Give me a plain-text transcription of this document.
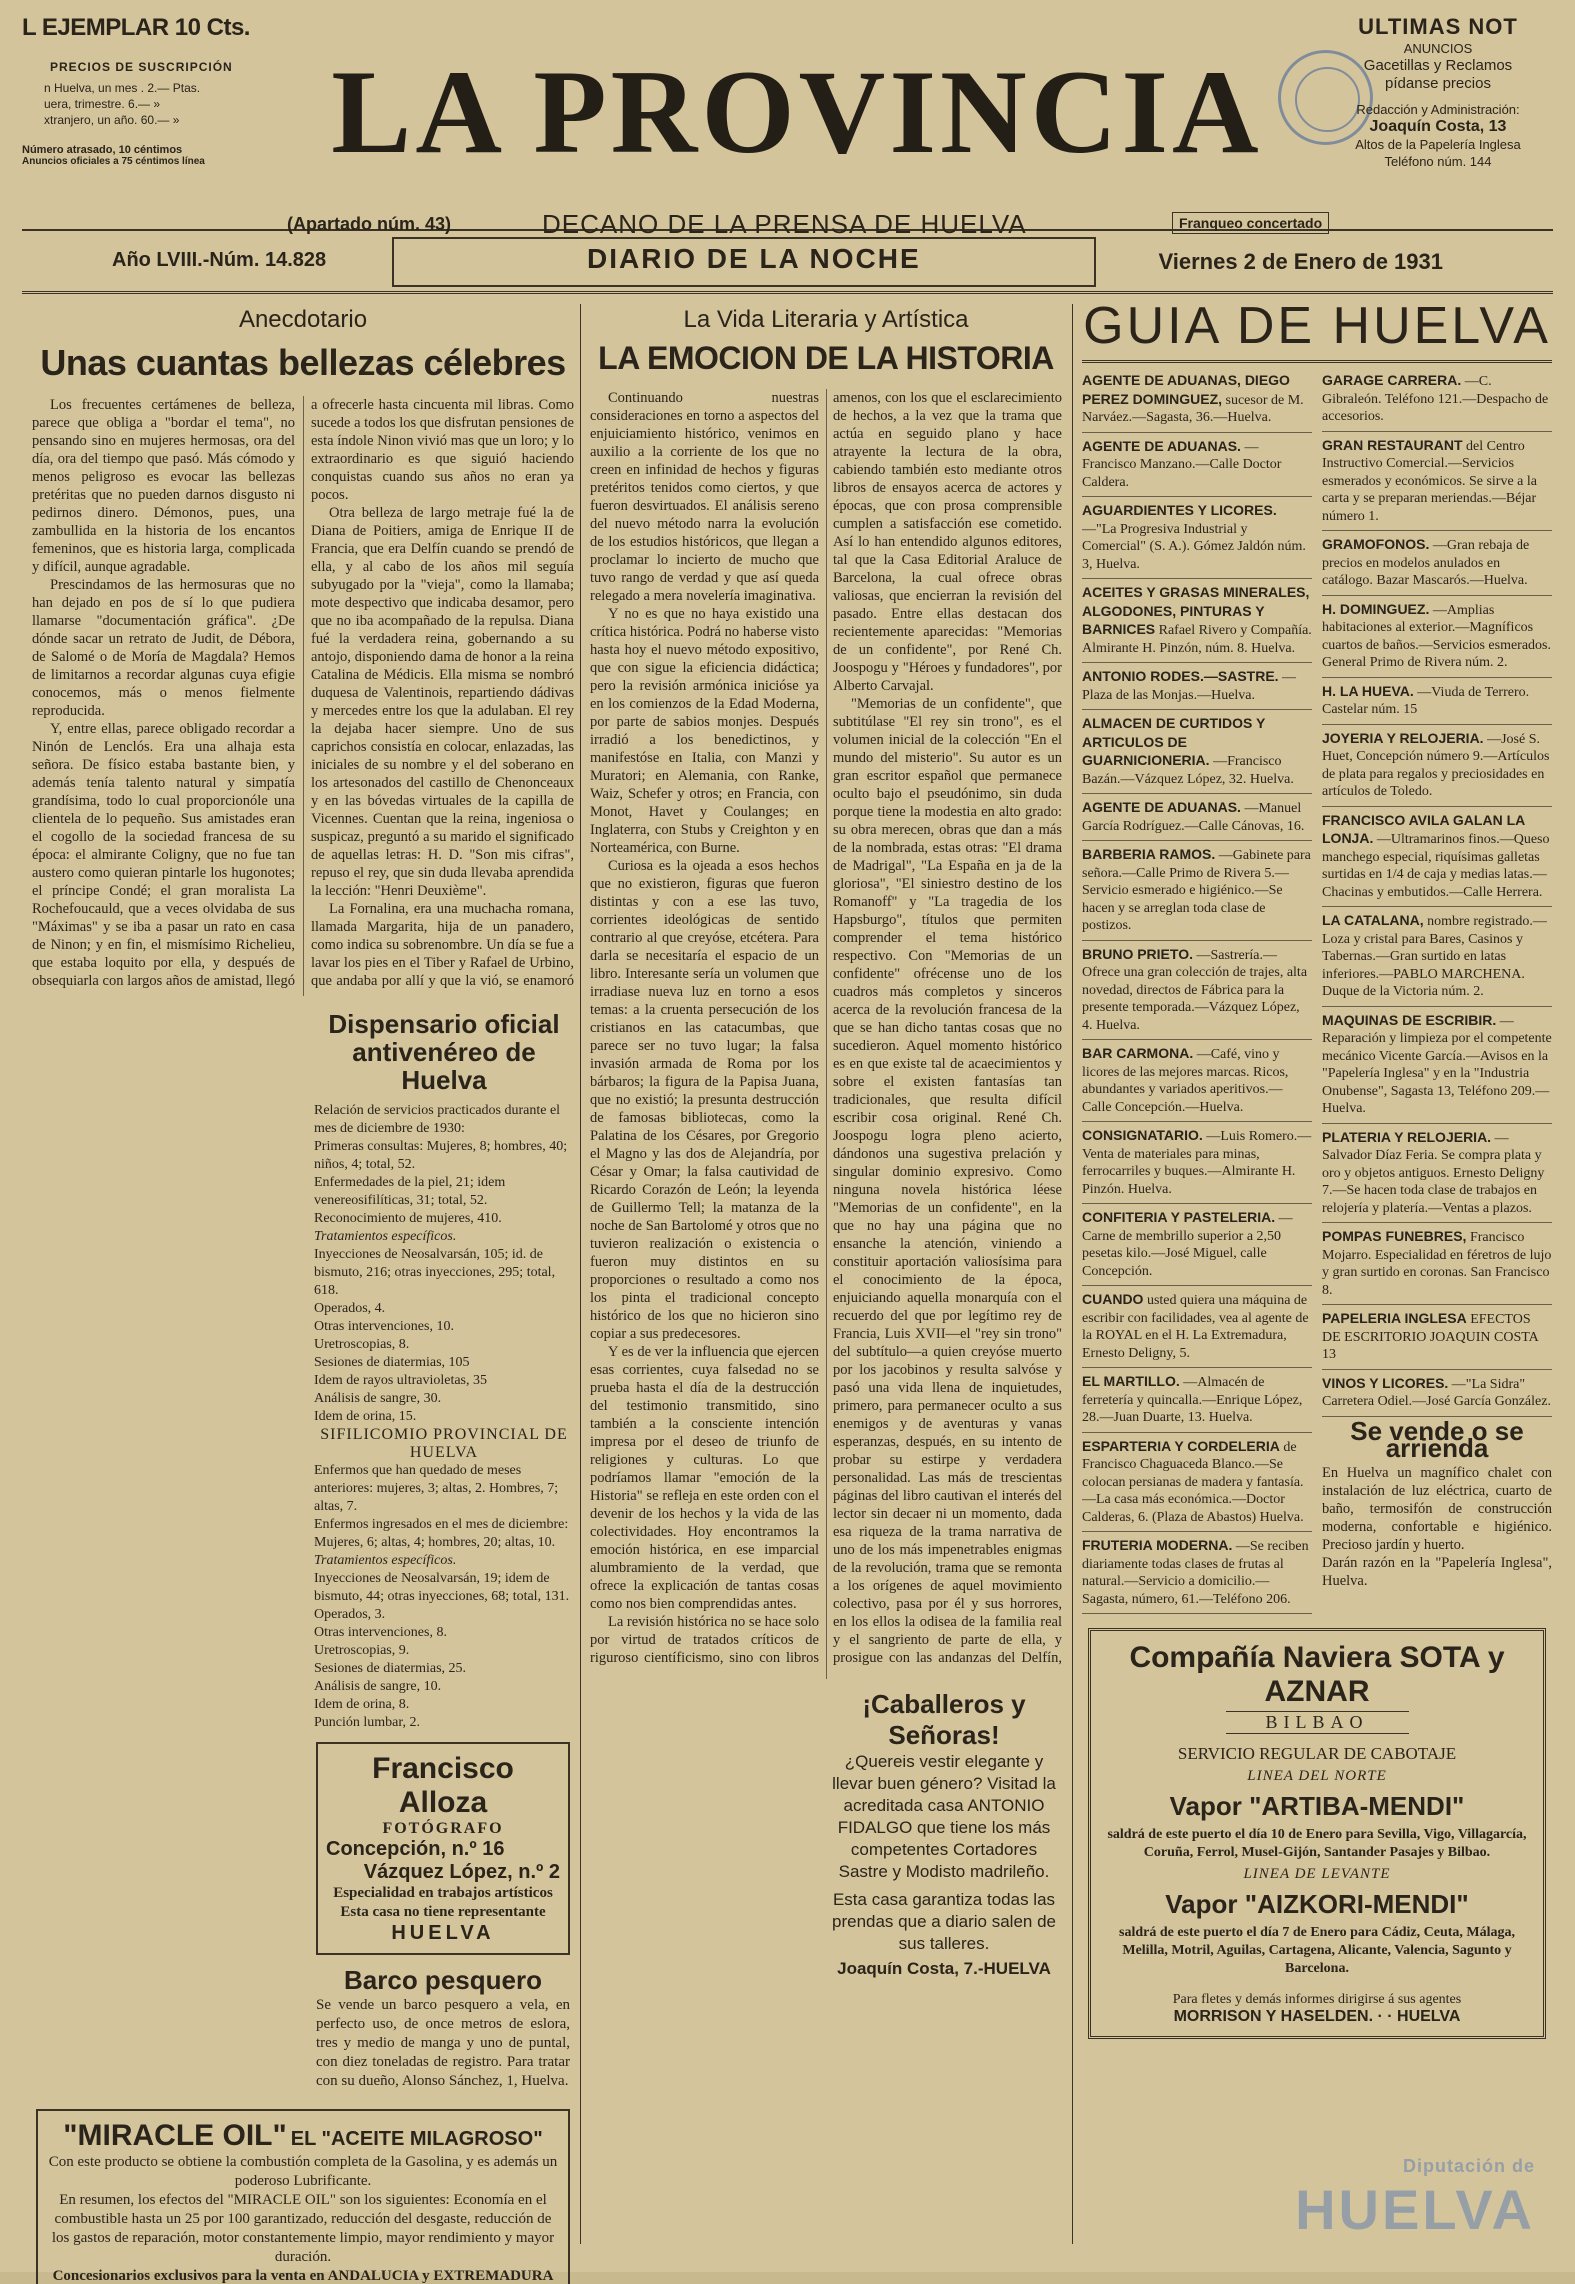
L EJEMPLAR 10 Cts.
PRECIOS DE SUSCRIPCIÓN
n Huelva, un mes . 2.— Ptas.
uera, trimestre. 6.— »
xtranjero, un año. 60.— »
Número atrasado, 10 céntimos
Anuncios oficiales a 75 céntimos línea	LA PROVINCIA
(Apartado núm. 43)	DECANO DE LA PRENSA DE HUELVA	Franqueo concertado
ULTIMAS NOT
ANUNCIOS
Gacetillas y Reclamos
pídanse precios
Redacción y Administración:
Joaquín Costa, 13
Altos de la Papelería Inglesa
Teléfono núm. 144
Año LVIII.-Núm. 14.828	DIARIO DE LA NOCHE	Viernes 2 de Enero de 1931
Anecdotario
Unas cuantas bellezas célebres

Los frecuentes certámenes de belleza, parece que obliga a "bordar el tema", no pensando sino en mujeres hermosas, ora del día, ora del tiempo que pasó. Más cómodo y menos peligroso es evocar las bellezas pretéritas que no pueden darnos disgusto ni pedirnos dinero. Démonos, pues, una zambullida en la historia de los encantos femeninos, que es historia larga, complicada y difícil, aunque agradable.

Prescindamos de las hermosuras que no han dejado en pos de sí lo que pudiera llamarse "documentación gráfica". ¿De dónde sacar un retrato de Judit, de Débora, de Salomé o de Moría de Magdala? Hemos de limitarnos a recordar algunas cuya efigie conocemos, más o menos fielmente reproducida.

Y, entre ellas, parece obligado recordar a Ninón de Lenclós. Era una alhaja esta señora. De físico estaba bastante bien, y además tenía talento natural y simpatía grandísima, todo lo cual proporcionóle una clientela de lo pequeño. Sus amistades eran el cogollo de la sociedad francesa de su época: el almirante Coligny, que no fue tan austero como quieran pintarle los hugonotes; el príncipe Condé; el gran moralista La Rochefoucauld, que a veces olvidaba de sus "Máximas" y se iba a pasar un rato en casa de Ninon; y en fin, el mismísimo Richelieu, que estaba loquito por ella, y después de obsequiarla con largos años de amistad, llegó a ofrecerle hasta cincuenta mil libras. Como sucede a todos los que disfrutan pensiones de esta índole Ninon vivió mas que un loro; y lo extraordinario es que siguió haciendo conquistas cuando sus años no eran ya pocos.

Otra belleza de largo metraje fué la de Diana de Poitiers, amiga de Enrique II de Francia, que era Delfín cuando se prendó de ella, y al cabo de los años mil seguía subyugado por la "vieja", como la llamaba; mote despectivo que indicaba desamor, pero que no iba acompañado de la repulsa. Diana fué la verdadera reina, gobernando a su antojo, disponiendo dama de honor a la reina Catalina de Médicis. Ella misma se nombró duquesa de Valentinois, repartiendo dádivas y mercedes entre los que la adulaban. El rey la dejaba hacer siempre. Uno de sus caprichos consistía en colocar, enlazadas, las iniciales de su nombre y el del soberano en los artesonados del castillo de Chenonceaux y en las bóvedas virtuales de la capilla de Vicennes. Cuentan que la reina, ingeniosa o suspicaz, preguntó a su marido el significado de aquellas letras: H. D. "Son mis cifras", repuso el rey, que sin duda llevaba aprendida la lección: "Henri Deuxième".

La Fornalina, era una muchacha romana, llamada Margarita, hija de un panadero, como indica su sobrenombre. Un día se fue a lavar los pies en el Tiber y Rafael de Urbino, que andaba por allí y que la vió, se enamoró

Dispensario oficial antivenéreo de Huelva
Relación de servicios practicados durante el mes de diciembre de 1930:
Primeras consultas: Mujeres, 8; hombres, 40; niños, 4; total, 52.
Enfermedades de la piel, 21; idem venereosifilíticas, 31; total, 52.
Reconocimiento de mujeres, 410.
Tratamientos específicos.
Inyecciones de Neosalvarsán, 105; id. de bismuto, 216; otras inyecciones, 295; total, 618.
Operados, 4.
Otras intervenciones, 10.
Uretroscopias, 8.
Sesiones de diatermias, 105
Idem de rayos ultravioletas, 35
Análisis de sangre, 30.
Idem de orina, 15.
SIFILICOMIO PROVINCIAL DE HUELVA
Enfermos que han quedado de meses anteriores: mujeres, 3; altas, 2. Hombres, 7; altas, 7.
Enfermos ingresados en el mes de diciembre: Mujeres, 6; altas, 4; hombres, 20; altas, 10.
Tratamientos específicos.
Inyecciones de Neosalvarsán, 19; idem de bismuto, 44; otras inyecciones, 68; total, 131.
Operados, 3.
Otras intervenciones, 8.
Uretroscopias, 9.
Sesiones de diatermias, 25.
Análisis de sangre, 10.
Idem de orina, 8.
Punción lumbar, 2.
Francisco Alloza
FOTÓGRAFO
Concepción, n.º 16
Vázquez López, n.º 2
Especialidad en trabajos artísticos
Esta casa no tiene representante
HUELVA
Barco pesquero
Se vende un barco pesquero a vela, en perfecto uso, de once metros de eslora, tres y medio de manga y uno de puntal, con diez toneladas de registro. Para tratar con su dueño, Alonso Sánchez, 1, Huelva.
"MIRACLE OIL" EL "ACEITE MILAGROSO"
Con este producto se obtiene la combustión completa de la Gasolina, y es además un poderoso Lubrificante.
En resumen, los efectos del "MIRACLE OIL" son los siguientes: Economía en el combustible hasta un 25 por 100 garantizado, reducción del desgaste, reducción de los gastos de reparación, motor constantemente limpio, mayor rendimiento y mayor duración.
Concesionarios exclusivos para la venta en ANDALUCIA y EXTREMADURA
La Vida Literaria y Artística
LA EMOCION DE LA HISTORIA

Continuando nuestras consideraciones en torno a aspectos del enjuiciamiento histórico, venimos en auxilio a la corriente de los que no creen en infinidad de hechos y figuras pretéritos tenidos como ciertos, y que fueron desvirtuados. El análisis sereno del nuevo método narra la evolución de los estudios históricos, que llegan a proclamar lo incierto de mucho que tuvo rango de verdad y que así queda relegado a mera novelería imaginativa.

Y no es que no haya existido una crítica histórica. Podrá no haberse visto hasta hoy el nuevo método expositivo, que con sigue la eficiencia didáctica; pero la revisión armónica inicióse ya en los comienzos de la Edad Moderna, por parte de sabios monjes. Después irradió a los benedictinos, y manifestóse en Italia, con Manzi y Muratori; en Alemania, con Ranke, Waiz, Schefer y otros; en Francia, con Monot, Havet y Coulanges; en Inglaterra, con Stubs y Creighton y en Norteamérica, con Burne.

Curiosa es la ojeada a esos hechos que no existieron, figuras que fueron distintas y con a ese las tuvo, corrientes ideológicas de sentido contrario al que creyóse, etcétera. Para darla se necesitaría el espacio de un libro. Interesante sería un volumen que irradiase nueva luz en torno a esos temas: a la cruenta persecución de los cristianos en las catacumbas, que parece ser no tuvo lugar; la falsa invasión armada de Roma por los bárbaros; la figura de la Papisa Juana, que no existió; la presunta destrucción de famosas bibliotecas, como la Palatina de los Césares, por Gregorio el Magno y las dos de Alejandría, por César y Omar; la falsa cautividad de Ricardo Corazón de León; la leyenda de Guillermo Tell; la matanza de la noche de San Bartolomé y otros que no tuvieron realización o existencia o fueron muy distintos en su proporciones o resultado a como nos los pinta el tradicional concepto histórico de los que no hicieron sino copiar a sus predecesores.

Y es de ver la influencia que ejercen esas corrientes, cuya falsedad no se prueba hasta el día de la destrucción del testimonio transmitido, sino también a la consciente intención impresa por el deseo de triunfo de religiones y culturas. Lo que podríamos llamar "emoción de la Historia" se refleja en este orden con el devenir de los hechos y la vida de las colectividades. Hoy encontramos la emoción histórica, en ese imparcial alumbramiento de la verdad, que ofrece la explicación de tantas cosas como nos bien comprendidas antes.

La revisión histórica no se hace solo por virtud de tratados críticos de riguroso científicismo, sino con libros amenos, con los que el esclarecimiento de hechos, a la vez que la trama que actúa en seguido plano y hace atrayente la lectura de la obra, cabiendo también esto mediante otros libros de ensayos acerca de actores y épocas, que con prosa comprensible cumplen a satisfacción ese cometido. Así lo han entendido algunos editores, tal que la Casa Editorial Araluce de Barcelona, la cual ofrece obras valiosas, que encierran la revisión del pasado. Entre ellas destacan dos recientemente aparecidas: "Memorias de un confidente", por René Ch. Joospogu y "Héroes y fundadores", por Alberto Carvajal.

"Memorias de un confidente", que subtitúlase "El rey sin trono", es el volumen inicial de la colección "En el mundo del misterio". Su autor es un gran escritor español que permanece oculto bajo el pseudónimo, sin duda porque tiene la modestia en alto grado: su obra merecen, obras que dan a más de la nombrada, estas otras: "El drama de Madrigal", "La España en ja de la gloriosa", "El siniestro destino de los Romanoff" y "La tragedia de los Hapsburgo", títulos que permiten comprender el tema histórico respectivo. Con "Memorias de un confidente" ofrécense uno de los cuadros más completos y sinceros acerca de la revolución francesa de la que se han dicho tantas cosas que no sucedieron. Aquel momento histórico es en que existe tal de acaecimientos y sobre el existen fantasías tan tradicionales, que resulta difícil escribir cosa original. René Ch. Joospogu logra pleno acierto, dándonos una sugestiva prelación y singular dominio expresivo. Como ninguna novela histórica léese "Memorias de un confidente", en la que no hay una página que no ensanche la atención, viniendo a constituir aportación valiosísima para el conocimiento de la época, enjuiciando aquella monarquía con el recuerdo del que por legítimo rey de Francia, Luis XVII—el "rey sin trono" del subtítulo—a quien creyóse muerto por los jacobinos y resulta salvóse y pasó una vida llena de inquietudes, primero, para permanecer oculto a sus enemigos y de aventuras y vanas esperanzas, después, en su intento de probar su estirpe y verdadera personalidad. Las más de trescientas páginas del libro cautivan el interés del lector sin decaer ni un momento, dada esa riqueza de la trama narrativa de uno de los más impenetrables enigmas de la revolución, trama que se remonta a los orígenes de aquel movimiento colectivo, pasa por él y sus horrores, en los ellos la odisea de la familia real y el sangriento de parte de ella, y prosigue con las andanzas del Delfín,

¡Caballeros y Señoras!
¿Quereis vestir elegante y llevar buen género? Visitad la acreditada casa ANTONIO FIDALGO que tiene los más competentes Cortadores Sastre y Modisto madrileño.
Esta casa garantiza todas las prendas que a diario salen de sus talleres.
Joaquín Costa, 7.-HUELVA
GUIA DE HUELVA
AGENTE DE ADUANAS, DIEGO PEREZ DOMINGUEZ, sucesor de M. Narváez.—Sagasta, 36.—Huelva.
AGENTE DE ADUANAS. —Francisco Manzano.—Calle Doctor Caldera.
AGUARDIENTES Y LICORES. —"La Progresiva Industrial y Comercial" (S. A.). Gómez Jaldón núm. 3, Huelva.
ACEITES Y GRASAS MINERALES, ALGODONES, PINTURAS Y BARNICES Rafael Rivero y Compañía. Almirante H. Pinzón, núm. 8. Huelva.
ANTONIO RODES.—SASTRE. —Plaza de las Monjas.—Huelva.
ALMACEN DE CURTIDOS Y ARTICULOS DE GUARNICIONERIA. —Francisco Bazán.—Vázquez López, 32. Huelva.
AGENTE DE ADUANAS. —Manuel García Rodríguez.—Calle Cánovas, 16.
BARBERIA RAMOS. —Gabinete para señora.—Calle Primo de Rivera 5.—Servicio esmerado e higiénico.—Se hacen y se arreglan toda clase de postizos.
BRUNO PRIETO. —Sastrería.—Ofrece una gran colección de trajes, alta novedad, directos de Fábrica para la presente temporada.—Vázquez López, 4. Huelva.
BAR CARMONA. —Café, vino y licores de las mejores marcas. Ricos, abundantes y variados aperitivos.—Calle Concepción.—Huelva.
CONSIGNATARIO. —Luis Romero.—Venta de materiales para minas, ferrocarriles y buques.—Almirante H. Pinzón. Huelva.
CONFITERIA Y PASTELERIA. —Carne de membrillo superior a 2,50 pesetas kilo.—José Miguel, calle Concepción.
CUANDO usted quiera una máquina de escribir con facilidades, vea al agente de la ROYAL en el H. La Extremadura, Ernesto Deligny, 5.
EL MARTILLO. —Almacén de ferretería y quincalla.—Enrique López, 28.—Juan Duarte, 13. Huelva.
ESPARTERIA Y CORDELERIA de Francisco Chaguaceda Blanco.—Se colocan persianas de madera y fantasía.—La casa más económica.—Doctor Calderas, 6. (Plaza de Abastos) Huelva.
FRUTERIA MODERNA. —Se reciben diariamente todas clases de frutas al natural.—Servicio a domicilio.—Sagasta, número, 61.—Teléfono 206.
GARAGE CARRERA. —C. Gibraleón. Teléfono 121.—Despacho de accesorios.
GRAN RESTAURANT del Centro Instructivo Comercial.—Servicios esmerados y económicos. Se sirve a la carta y se preparan meriendas.—Béjar número 1.
GRAMOFONOS. —Gran rebaja de precios en modelos anulados en catálogo. Bazar Mascarós.—Huelva.
H. DOMINGUEZ. —Amplias habitaciones al exterior.—Magníficos cuartos de baños.—Servicios esmerados. General Primo de Rivera núm. 2.
H. LA HUEVA. —Viuda de Terrero. Castelar núm. 15
JOYERIA Y RELOJERIA. —José S. Huet, Concepción número 9.—Artículos de plata para regalos y preciosidades en artículos de Toledo.
FRANCISCO AVILA GALAN LA LONJA. —Ultramarinos finos.—Queso manchego especial, riquísimas galletas surtidas en 1/4 de caja y medias latas.—Chacinas y embutidos.—Calle Herrera.
LA CATALANA, nombre registrado.—Loza y cristal para Bares, Casinos y Tabernas.—Gran surtido en latas inferiores.—PABLO MARCHENA. Duque de la Victoria núm. 2.
MAQUINAS DE ESCRIBIR. —Reparación y limpieza por el competente mecánico Vicente García.—Avisos en la "Papelería Inglesa" y en la "Industria Onubense", Sagasta 13, Teléfono 209.—Huelva.
PLATERIA Y RELOJERIA. —Salvador Díaz Feria. Se compra plata y oro y objetos antiguos. Ernesto Deligny 7.—Se hacen toda clase de trabajos en relojería y platería.—Ventas a plazos.
POMPAS FUNEBRES, Francisco Mojarro. Especialidad en féretros de lujo y gran surtido en coronas. San Francisco 8.
PAPELERIA INGLESA EFECTOS DE ESCRITORIO JOAQUIN COSTA 13
VINOS Y LICORES. —"La Sidra" Carretera Odiel.—José García González.
Se vende o se arrienda
En Huelva un magnífico chalet con instalación de luz eléctrica, cuarto de baño, termosifón de construcción moderna, confortable e higiénico. Precioso jardín y huerto.
Darán razón en la "Papelería Inglesa", Huelva.
Compañía Naviera SOTA y AZNAR
BILBAO
SERVICIO REGULAR DE CABOTAJE
LINEA DEL NORTE
Vapor "ARTIBA-MENDI"
saldrá de este puerto el día 10 de Enero para Sevilla, Vigo, Villagarcía, Coruña, Ferrol, Musel-Gijón, Santander Pasajes y Bilbao.
LINEA DE LEVANTE
Vapor "AIZKORI-MENDI"
saldrá de este puerto el día 7 de Enero para Cádiz, Ceuta, Málaga, Melilla, Motril, Aguilas, Cartagena, Alicante, Valencia, Sagunto y Barcelona.
Para fletes y demás informes dirigirse á sus agentes
MORRISON Y HASELDEN. · · HUELVA
Diputación de
HUELVA
